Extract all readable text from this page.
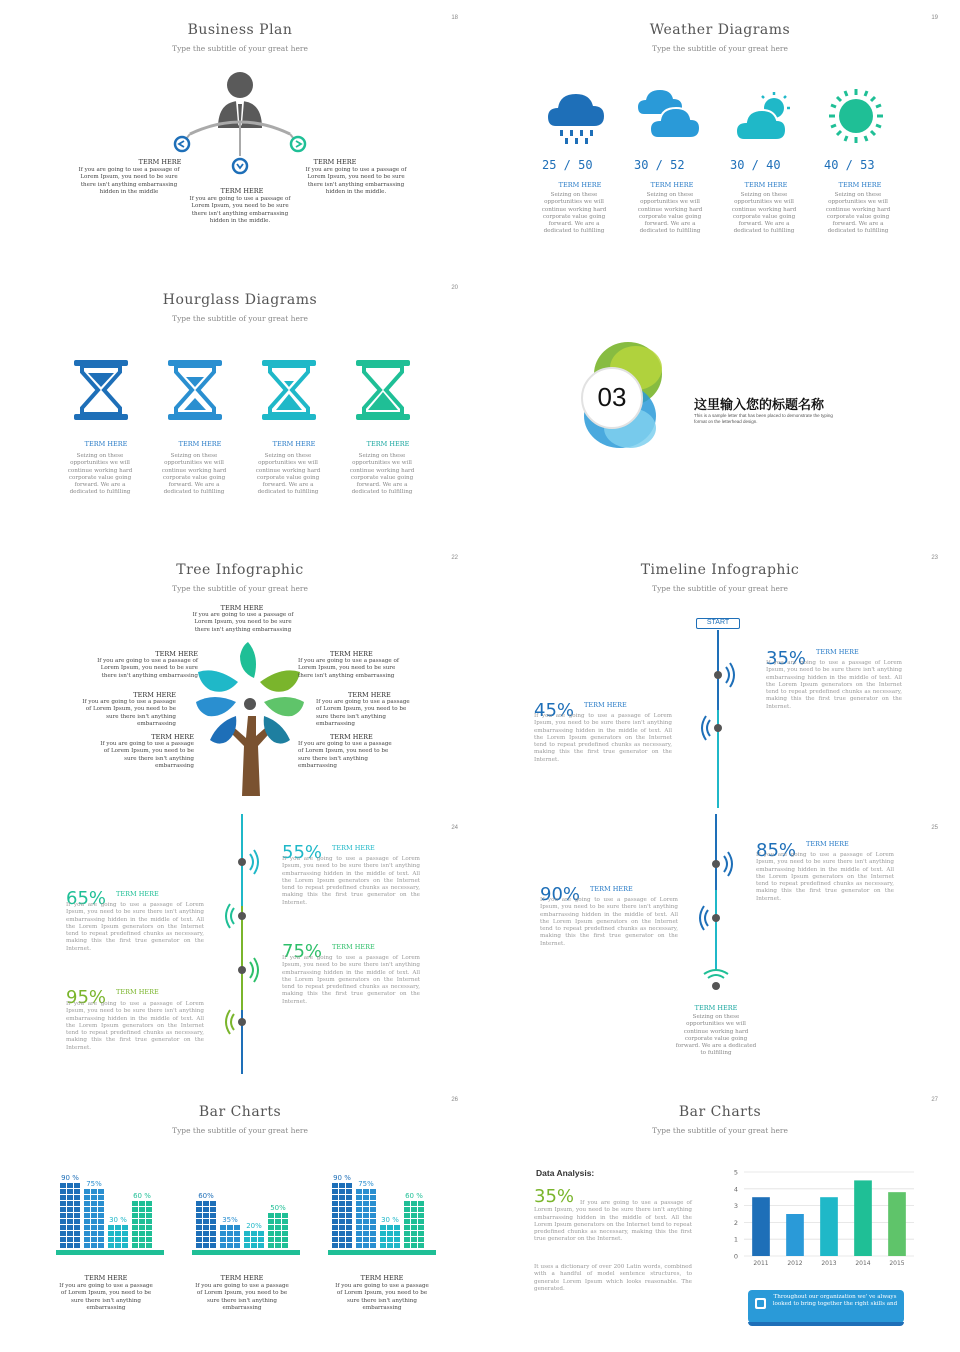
Business Plan
Type the subtitle of your great here
18
TERM HERE
If you are going to use a passage of Lorem Ipsum, you need to be sure there isn't anything embarrassing hidden in the middle	TERM HERE
If you are going to use a passage of Lorem Ipsum, you need to be sure there isn't anything embarrassing hidden in the middle.
TERM HERE
If you are going to use a passage of Lorem Ipsum, you need to be sure there isn't anything embarrassing hidden in the middle.
Weather Diagrams
Type the subtitle of your great here
19
25 / 50	30 / 52	30 / 40	40 / 53
TERM HERE	TERM HERE	TERM HERE	TERM HERE
Seizing on these opportunities we will continue working hard corporate value going forward. We are a dedicated to fulfilling
Seizing on these opportunities we will continue working hard corporate value going forward. We are a dedicated to fulfilling
Seizing on these opportunities we will continue working hard corporate value going forward. We are a dedicated to fulfilling
Seizing on these opportunities we will continue working hard corporate value going forward. We are a dedicated to fulfilling
Hourglass Diagrams
Type the subtitle of your great here
20
TERM HERE	TERM HERE	TERM HERE	TERM HERE
Seizing on these opportunities we will continue working hard corporate value going forward. We are a dedicated to fulfilling
Seizing on these opportunities we will continue working hard corporate value going forward. We are a dedicated to fulfilling
Seizing on these opportunities we will continue working hard corporate value going forward. We are a dedicated to fulfilling
Seizing on these opportunities we will continue working hard corporate value going forward. We are a dedicated to fulfilling
03	这里输入您的标题名称
This is a sample letter that has been placed to demonstrate the typing format on the letterhead design.
Tree Infographic
Type the subtitle of your great here
22
TERM HERE
If you are going to use a passage of Lorem Ipsum, you need to be sure there isn't anything embarrassing
TERM HERE
If you are going to use a passage of Lorem Ipsum, you need to be sure there isn't anything embarrassing
TERM HERE
If you are going to use a passage of Lorem Ipsum, you need to be sure there isn't anything embarrassing
TERM HERE
If you are going to use a passage of Lorem Ipsum, you need to be sure there isn't anything embarrassing
TERM HERE
If you are going to use a passage of Lorem Ipsum, you need to be sure there isn't anything embarrassing
TERM HERE
If you are going to use a passage of Lorem Ipsum, you need to be sure there isn't anything embarrassing
TERM HERE
If you are going to use a passage of Lorem Ipsum, you need to be sure there isn't anything embarrassing
Timeline Infographic
Type the subtitle of your great here
23
START
35% TERM HERE
If you are going to use a passage of Lorem Ipsum, you need to be sure there isn't anything embarrassing hidden in the middle of text. All the Lorem Ipsum generators on the Internet tend to repeat predefined chunks as necessary, making this the first true generator on the Internet.
45% TERM HERE
If you are going to use a passage of Lorem Ipsum, you need to be sure there isn't anything embarrassing hidden in the middle of text. All the Lorem Ipsum generators on the Internet tend to repeat predefined chunks as necessary, making this the first true generator on the Internet.
24
55% TERM HERE
If you are going to use a passage of Lorem Ipsum, you need to be sure there isn't anything embarrassing hidden in the middle of text. All the Lorem Ipsum generators on the Internet tend to repeat predefined chunks as necessary, making this the first true generator on the Internet.
65% TERM HERE
If you are going to use a passage of Lorem Ipsum, you need to be sure there isn't anything embarrassing hidden in the middle of text. All the Lorem Ipsum generators on the Internet tend to repeat predefined chunks as necessary, making this the first true generator on the Internet.	75% TERM HERE
If you are going to use a passage of Lorem Ipsum, you need to be sure there isn't anything embarrassing hidden in the middle of text. All the Lorem Ipsum generators on the Internet tend to repeat predefined chunks as necessary, making this the first true generator on the Internet.
95% TERM HERE
If you are going to use a passage of Lorem Ipsum, you need to be sure there isn't anything embarrassing hidden in the middle of text. All the Lorem Ipsum generators on the Internet tend to repeat predefined chunks as necessary, making this the first true generator on the Internet.
25
85% TERM HERE
If you are going to use a passage of Lorem Ipsum, you need to be sure there isn't anything embarrassing hidden in the middle of text. All the Lorem Ipsum generators on the Internet tend to repeat predefined chunks as necessary, making this the first true generator on the Internet.
90% TERM HERE
If you are going to use a passage of Lorem Ipsum, you need to be sure there isn't anything embarrassing hidden in the middle of text. All the Lorem Ipsum generators on the Internet tend to repeat predefined chunks as necessary, making this the first true generator on the Internet.
TERM HERE
Seizing on these opportunities we will continue working hard corporate value going forward. We are a dedicated to fulfilling
Bar Charts
Type the subtitle of your great here
26
90 %
75%
30 %
60 %	60%
35%
20%
50%
90 %
75%
30 %
60 %
TERM HERE
If you are going to use a passage of Lorem Ipsum, you need to be sure there isn't anything embarrassing
TERM HERE
If you are going to use a passage of Lorem Ipsum, you need to be sure there isn't anything embarrassing
TERM HERE
If you are going to use a passage of Lorem Ipsum, you need to be sure there isn't anything embarrassing
Bar Charts
Type the subtitle of your great here
27
Data Analysis:
35%	If you are going to use a passage of Lorem Ipsum, you need to be sure there isn't anything embarrassing hidden in the middle of text. All the Lorem Ipsum generators on the Internet tend to repeat predefined chunks as necessary, making this the first true generator on the Internet.
It uses a dictionary of over 200 Latin words, combined with a handful of model sentence structures, to generate Lorem Ipsum which looks reasonable. The generated.
0
1
2
3
4
5
2011	2012	2013	2014	2015
Throughout our organization we' ve always looked to bring together the right skills and
